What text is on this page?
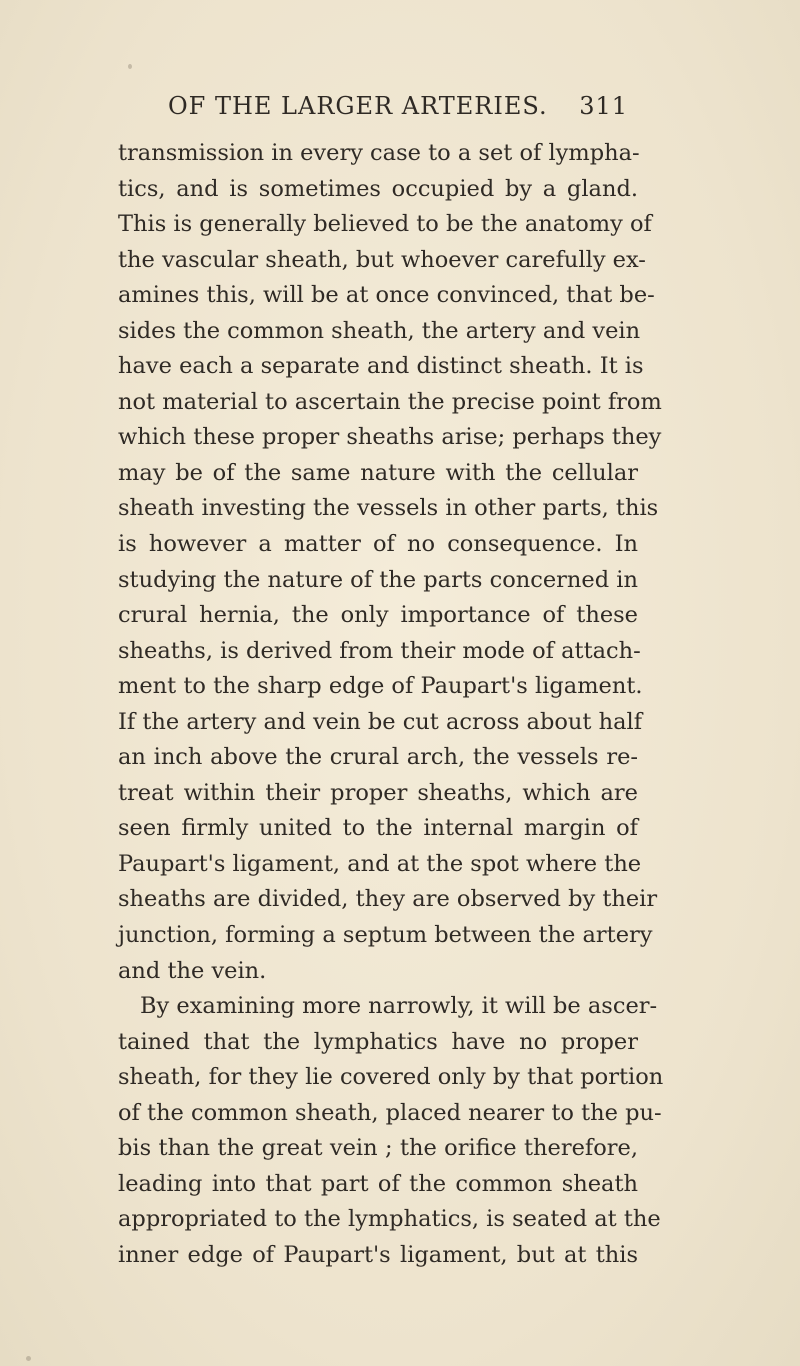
OF THE LARGER ARTERIES. 311
transmission in every case to a set of lympha-
tics, and is sometimes occupied by a gland.
This is generally believed to be the anatomy of
the vascular sheath, but whoever carefully ex-
amines this, will be at once convinced, that be-
sides the common sheath, the artery and vein
have each a separate and distinct sheath. It is
not material to ascertain the precise point from
which these proper sheaths arise; perhaps they
may be of the same nature with the cellular
sheath investing the vessels in other parts, this
is however a matter of no consequence. In
studying the nature of the parts concerned in
crural hernia, the only importance of these
sheaths, is derived from their mode of attach-
ment to the sharp edge of Paupart's ligament.
If the artery and vein be cut across about half
an inch above the crural arch, the vessels re-
treat within their proper sheaths, which are
seen firmly united to the internal margin of
Paupart's ligament, and at the spot where the
sheaths are divided, they are observed by their
junction, forming a septum between the artery
and the vein.
By examining more narrowly, it will be ascer-
tained that the lymphatics have no proper
sheath, for they lie covered only by that portion
of the common sheath, placed nearer to the pu-
bis than the great vein ; the orifice therefore,
leading into that part of the common sheath
appropriated to the lymphatics, is seated at the
inner edge of Paupart's ligament, but at this
